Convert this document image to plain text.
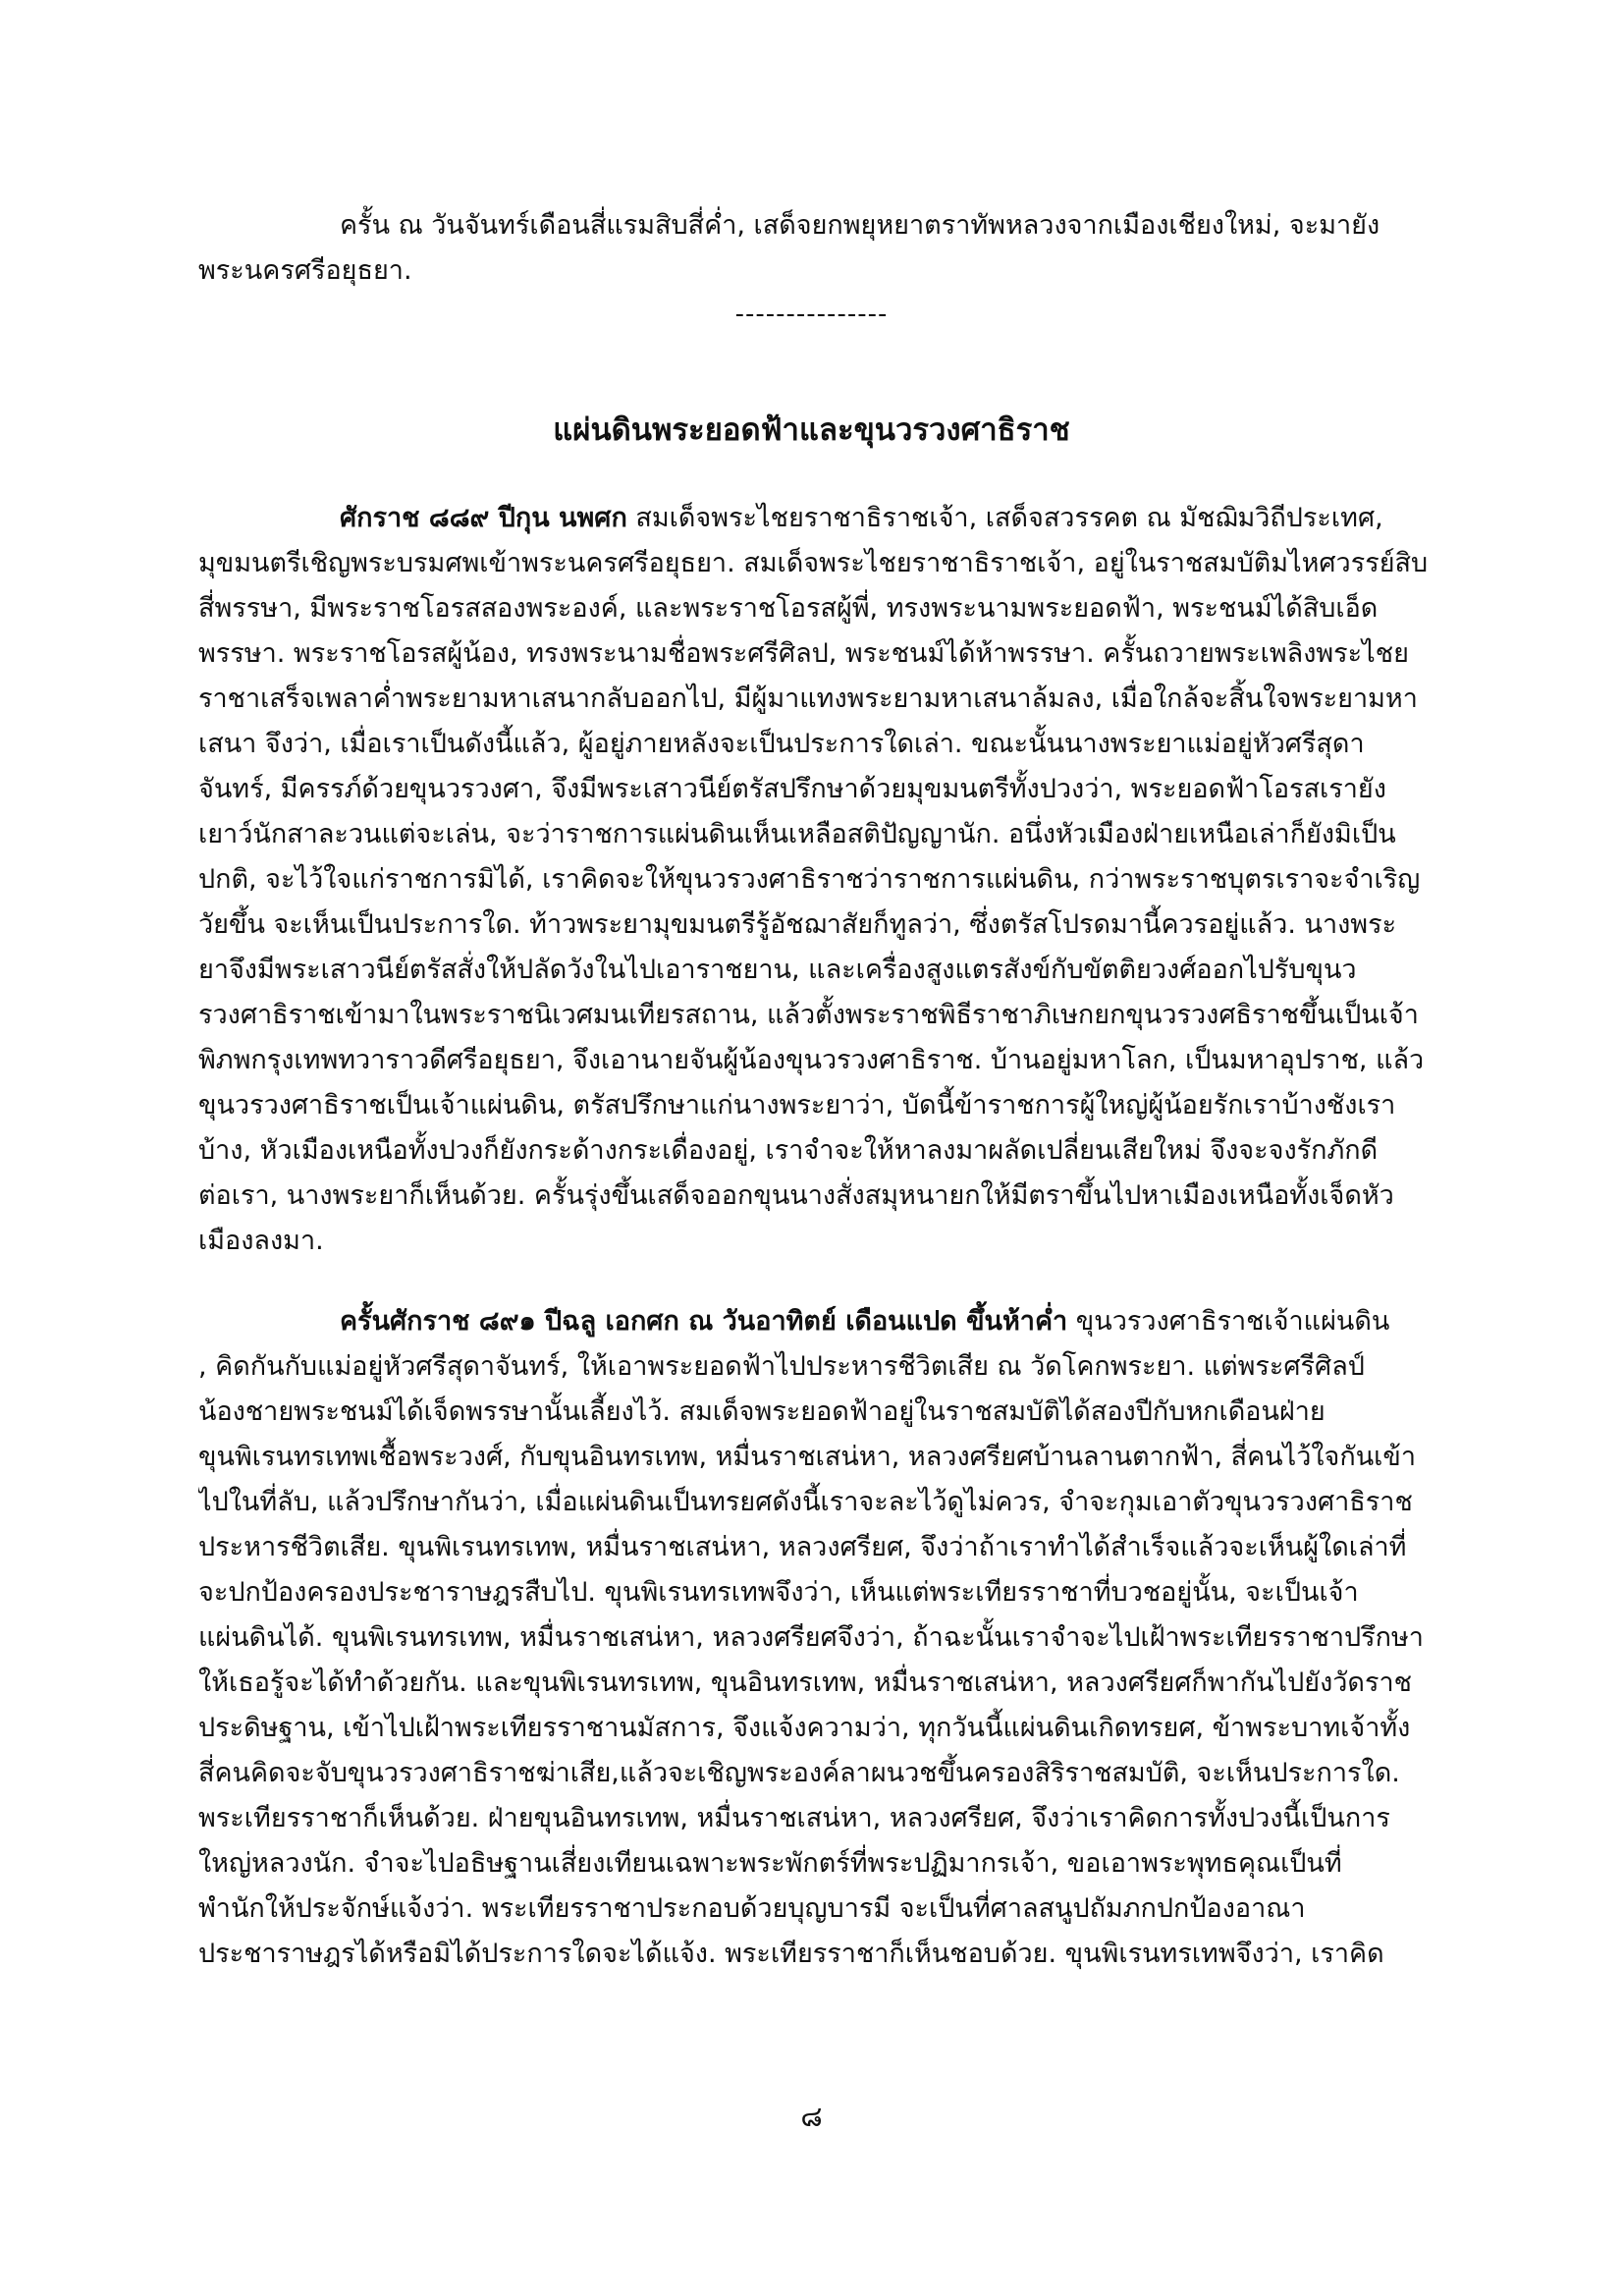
ครั้น ณ วันจันทร์เดือนสี่แรมสิบสี่ค่ำ, เสด็จยกพยุหยาตราทัพหลวงจากเมืองเชียงใหม่, จะมายัง
พระนครศรีอยุธยา.
---------------
แผ่นดินพระยอดฟ้าและขุนวรวงศาธิราช
ศักราช ๘๘๙ ปีกุน นพศก สมเด็จพระไชยราชาธิราชเจ้า, เสด็จสวรรคต ณ มัชฌิมวิถีประเทศ,
มุขมนตรีเชิญพระบรมศพเข้าพระนครศรีอยุธยา. สมเด็จพระไชยราชาธิราชเจ้า, อยู่ในราชสมบัติมไหศวรรย์สิบ
สี่พรรษา, มีพระราชโอรสสองพระองค์, และพระราชโอรสผู้พี่, ทรงพระนามพระยอดฟ้า, พระชนม์ได้สิบเอ็ด
พรรษา. พระราชโอรสผู้น้อง, ทรงพระนามชื่อพระศรีศิลป, พระชนม์ได้ห้าพรรษา. ครั้นถวายพระเพลิงพระไชย
ราชาเสร็จเพลาค่ำพระยามหาเสนากลับออกไป, มีผู้มาแทงพระยามหาเสนาล้มลง, เมื่อใกล้จะสิ้นใจพระยามหา
เสนา จึงว่า, เมื่อเราเป็นดังนี้แล้ว, ผู้อยู่ภายหลังจะเป็นประการใดเล่า. ขณะนั้นนางพระยาแม่อยู่หัวศรีสุดา
จันทร์, มีครรภ์ด้วยขุนวรวงศา, จึงมีพระเสาวนีย์ตรัสปรึกษาด้วยมุขมนตรีทั้งปวงว่า, พระยอดฟ้าโอรสเรายัง
เยาว์นักสาละวนแต่จะเล่น, จะว่าราชการแผ่นดินเห็นเหลือสติปัญญานัก. อนึ่งหัวเมืองฝ่ายเหนือเล่าก็ยังมิเป็น
ปกติ, จะไว้ใจแก่ราชการมิได้, เราคิดจะให้ขุนวรวงศาธิราชว่าราชการแผ่นดิน, กว่าพระราชบุตรเราจะจำเริญ
วัยขึ้น จะเห็นเป็นประการใด. ท้าวพระยามุขมนตรีรู้อัชฌาสัยก็ทูลว่า, ซึ่งตรัสโปรดมานี้ควรอยู่แล้ว. นางพระ
ยาจึงมีพระเสาวนีย์ตรัสสั่งให้ปลัดวังในไปเอาราชยาน, และเครื่องสูงแตรสังข์กับขัตติยวงศ์ออกไปรับขุนว
รวงศาธิราชเข้ามาในพระราชนิเวศมนเทียรสถาน, แล้วตั้งพระราชพิธีราชาภิเษกยกขุนวรวงศธิราชขึ้นเป็นเจ้า
พิภพกรุงเทพทวาราวดีศรีอยุธยา, จึงเอานายจันผู้น้องขุนวรวงศาธิราช. บ้านอยู่มหาโลก, เป็นมหาอุปราช, แล้ว
ขุนวรวงศาธิราชเป็นเจ้าแผ่นดิน, ตรัสปรึกษาแก่นางพระยาว่า, บัดนี้ข้าราชการผู้ใหญ่ผู้น้อยรักเราบ้างชังเรา
บ้าง, หัวเมืองเหนือทั้งปวงก็ยังกระด้างกระเดื่องอยู่, เราจำจะให้หาลงมาผลัดเปลี่ยนเสียใหม่ จึงจะจงรักภักดี
ต่อเรา, นางพระยาก็เห็นด้วย. ครั้นรุ่งขึ้นเสด็จออกขุนนางสั่งสมุหนายกให้มีตราขึ้นไปหาเมืองเหนือทั้งเจ็ดหัว
เมืองลงมา.
ครั้นศักราช ๘๙๑ ปีฉลู เอกศก ณ วันอาทิตย์ เดือนแปด ขึ้นห้าค่ำ ขุนวรวงศาธิราชเจ้าแผ่นดิน
, คิดกันกับแม่อยู่หัวศรีสุดาจันทร์, ให้เอาพระยอดฟ้าไปประหารชีวิตเสีย ณ วัดโคกพระยา. แต่พระศรีศิลป์
น้องชายพระชนม์ได้เจ็ดพรรษานั้นเลี้ยงไว้. สมเด็จพระยอดฟ้าอยู่ในราชสมบัติได้สองปีกับหกเดือนฝ่าย
ขุนพิเรนทรเทพเชื้อพระวงศ์, กับขุนอินทรเทพ, หมื่นราชเสน่หา, หลวงศรียศบ้านลานตากฟ้า, สี่คนไว้ใจกันเข้า
ไปในที่ลับ, แล้วปรึกษากันว่า, เมื่อแผ่นดินเป็นทรยศดังนี้เราจะละไว้ดูไม่ควร, จำจะกุมเอาตัวขุนวรวงศาธิราช
ประหารชีวิตเสีย. ขุนพิเรนทรเทพ, หมื่นราชเสน่หา, หลวงศรียศ, จึงว่าถ้าเราทำได้สำเร็จแล้วจะเห็นผู้ใดเล่าที่
จะปกป้องครองประชาราษฎรสืบไป. ขุนพิเรนทรเทพจึงว่า, เห็นแต่พระเทียรราชาที่บวชอยู่นั้น, จะเป็นเจ้า
แผ่นดินได้. ขุนพิเรนทรเทพ, หมื่นราชเสน่หา, หลวงศรียศจึงว่า, ถ้าฉะนั้นเราจำจะไปเฝ้าพระเทียรราชาปรึกษา
ให้เธอรู้จะได้ทำด้วยกัน. และขุนพิเรนทรเทพ, ขุนอินทรเทพ, หมื่นราชเสน่หา, หลวงศรียศก็พากันไปยังวัดราช
ประดิษฐาน, เข้าไปเฝ้าพระเทียรราชานมัสการ, จึงแจ้งความว่า, ทุกวันนี้แผ่นดินเกิดทรยศ, ข้าพระบาทเจ้าทั้ง
สี่คนคิดจะจับขุนวรวงศาธิราชฆ่าเสีย,แล้วจะเชิญพระองค์ลาผนวชขึ้นครองสิริราชสมบัติ, จะเห็นประการใด.
พระเทียรราชาก็เห็นด้วย. ฝ่ายขุนอินทรเทพ, หมื่นราชเสน่หา, หลวงศรียศ, จึงว่าเราคิดการทั้งปวงนี้เป็นการ
ใหญ่หลวงนัก. จำจะไปอธิษฐานเสี่ยงเทียนเฉพาะพระพักตร์ที่พระปฏิมากรเจ้า, ขอเอาพระพุทธคุณเป็นที่
พำนักให้ประจักษ์แจ้งว่า. พระเทียรราชาประกอบด้วยบุญบารมี จะเป็นที่ศาลสนูปถัมภกปกป้องอาณา
ประชาราษฎรได้หรือมิได้ประการใดจะได้แจ้ง. พระเทียรราชาก็เห็นชอบด้วย. ขุนพิเรนทรเทพจึงว่า, เราคิด
๘
